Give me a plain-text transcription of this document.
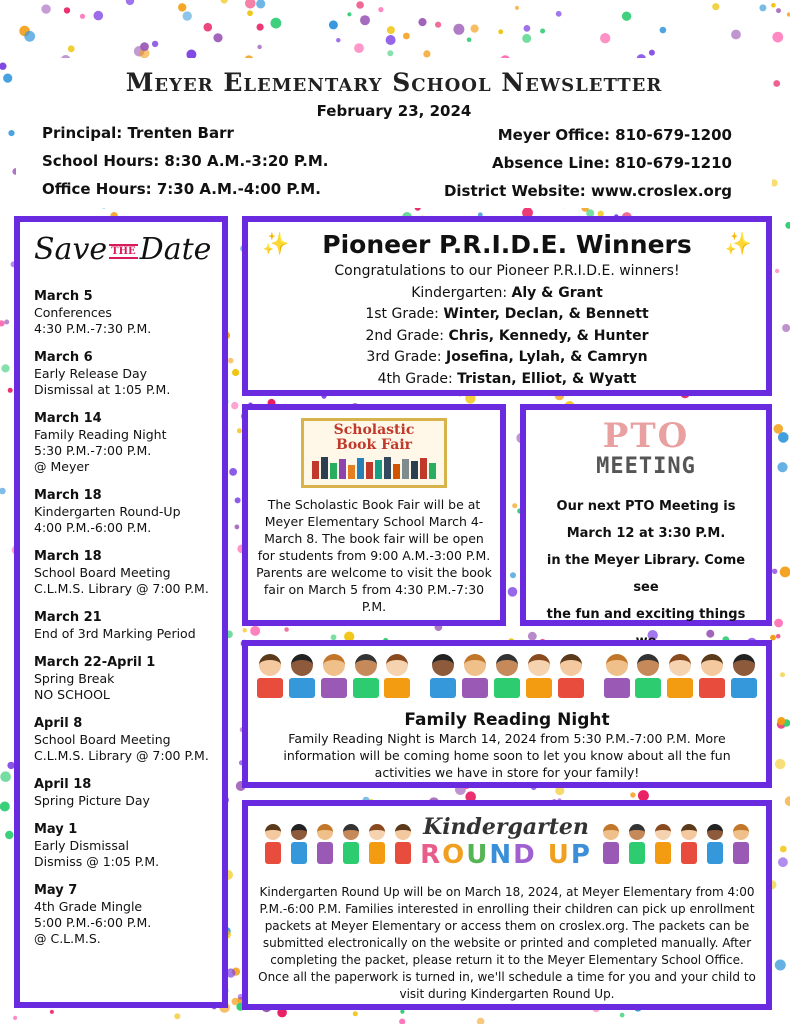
Meyer Elementary School Newsletter
February 23, 2024
Principal: Trenten Barr
School Hours: 8:30 A.M.-3:20 P.M.
Office Hours: 7:30 A.M.-4:00 P.M.
Meyer Office: 810-679-1200
Absence Line: 810-679-1210
District Website: www.croslex.org
Save THE Date
March 5
Conferences
4:30 P.M.-7:30 P.M.
March 6
Early Release Day
Dismissal at 1:05 P.M.
March 14
Family Reading Night
5:30 P.M.-7:00 P.M.
@ Meyer
March 18
Kindergarten Round-Up
4:00 P.M.-6:00 P.M.
March 18
School Board Meeting
C.L.M.S. Library @ 7:00 P.M.
March 21
End of 3rd Marking Period
March 22-April 1
Spring Break
NO SCHOOL
April 8
School Board Meeting
C.L.M.S. Library @ 7:00 P.M.
April 18
Spring Picture Day
May 1
Early Dismissal
Dismiss @ 1:05 P.M.
May 7
4th Grade Mingle
5:00 P.M.-6:00 P.M.
@ C.L.M.S.
✨	✨
Pioneer P.R.I.D.E. Winners
Congratulations to our Pioneer P.R.I.D.E. winners!
Kindergarten: Aly & Grant
1st Grade: Winter, Declan, & Bennett
2nd Grade: Chris, Kennedy, & Hunter
3rd Grade: Josefina, Lylah, & Camryn
4th Grade: Tristan, Elliot, & Wyatt
Scholastic
Book Fair
The Scholastic Book Fair will be at Meyer Elementary School March 4-March 8. The book fair will be open for students from 9:00 A.M.-3:00 P.M. Parents are welcome to visit the book fair on March 5 from 4:30 P.M.-7:30 P.M.
PTO
MEETING
Our next PTO Meeting is
March 12 at 3:30 P.M.
in the Meyer Library. Come see
the fun and exciting things
Family Reading Night
Family Reading Night is March 14, 2024 from 5:30 P.M.-7:00 P.M. More information will be coming home soon to let you know about all the fun activities we have in store for your family!
Kindergarten
ROUND UP
Kindergarten Round Up will be on March 18, 2024, at Meyer Elementary from 4:00 P.M.-6:00 P.M. Families interested in enrolling their children can pick up enrollment packets at Meyer Elementary or access them on croslex.org. The packets can be submitted electronically on the website or printed and completed manually. After completing the packet, please return it to the Meyer Elementary School Office. Once all the paperwork is turned in, we'll schedule a time for you and your child to visit during Kindergarten Round Up.
